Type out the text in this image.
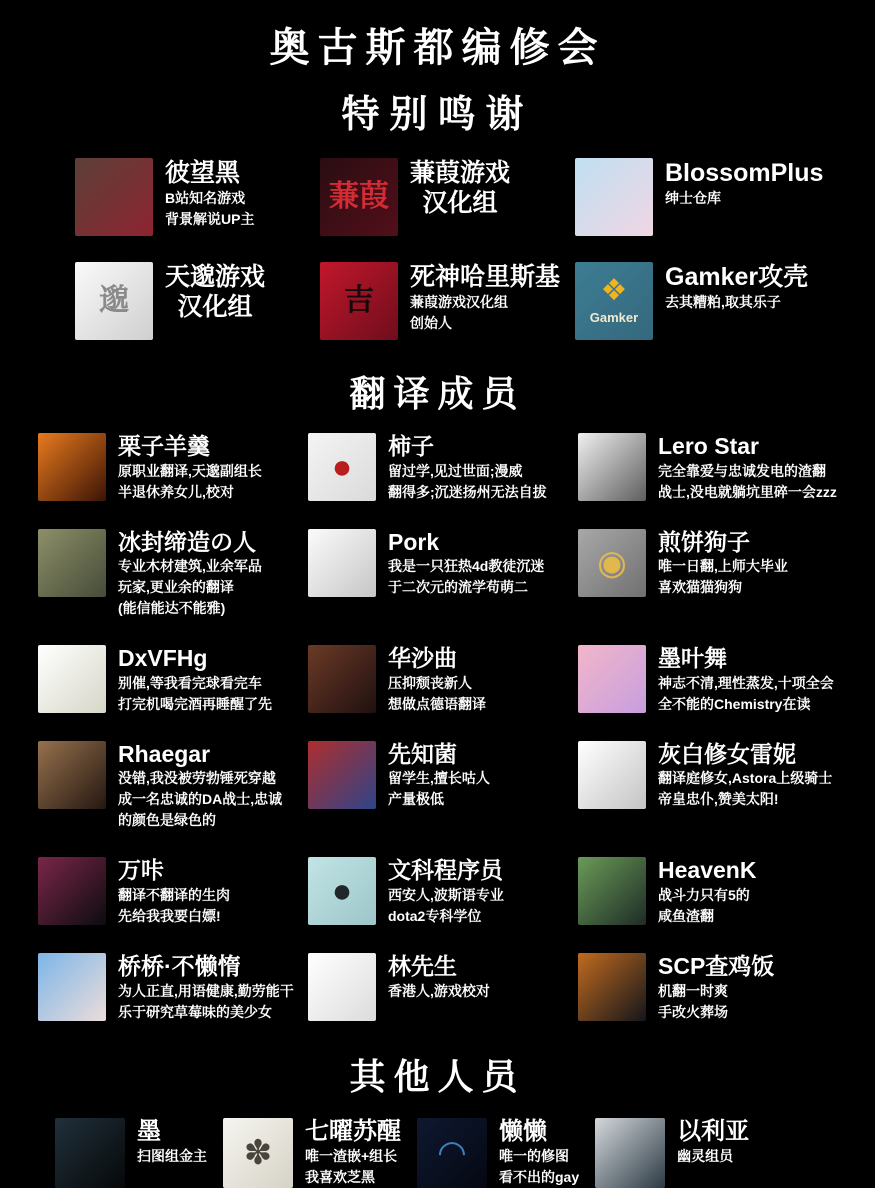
奥古斯都编修会
特别鸣谢
彼望黑
B站知名游戏
背景解说UP主
蒹葭
蒹葭游戏
汉化组
BlossomPlus
绅士仓库
邈
天邈游戏
汉化组	吉
死神哈里斯基
蒹葭游戏汉化组
创始人
❖
Gamker
Gamker攻壳
去其糟粕,取其乐子
翻译成员
栗子羊羹
原职业翻译,天邈副组长
半退休养女儿,校对
●
柿子
留过学,见过世面;漫威
翻得多;沉迷扬州无法自拔
Lero Star
完全靠爱与忠诚发电的渣翻
战士,没电就躺坑里碎一会zzz
冰封缔造の人
专业木材建筑,业余军品
玩家,更业余的翻译
(能信能达不能雅)
Pork
我是一只狂热4d教徒沉迷
于二次元的流学苟萌二
◉
煎饼狗子
唯一日翻,上师大毕业
喜欢猫猫狗狗
DxVFHg
别催,等我看完球看完车
打完机喝完酒再睡醒了先
华沙曲
压抑颓丧新人
想做点德语翻译
墨叶舞
神志不清,理性蒸发,十项全会
全不能的Chemistry在读
Rhaegar
没错,我没被劳勃锤死穿越
成一名忠诚的DA战士,忠诚
的颜色是绿色的
先知菌
留学生,擅长咕人
产量极低
灰白修女雷妮
翻译庭修女,Astora上级骑士
帝皇忠仆,赞美太阳!
万咔
翻译不翻译的生肉
先给我我要白嫖!
●
文科程序员
西安人,波斯语专业
dota2专科学位
HeavenK
战斗力只有5的
咸鱼渣翻
桥桥·不懒惰
为人正直,用语健康,勤劳能干
乐于研究草莓味的美少女
林先生
香港人,游戏校对
SCP查鸡饭
机翻一时爽
手改火葬场
其他人员
墨
扫图组金主 ✽
七曜苏醒
唯一渣嵌+组长
我喜欢芝黑
◠
懒懒
唯一的修图
看不出的gay
以利亚
幽灵组员
